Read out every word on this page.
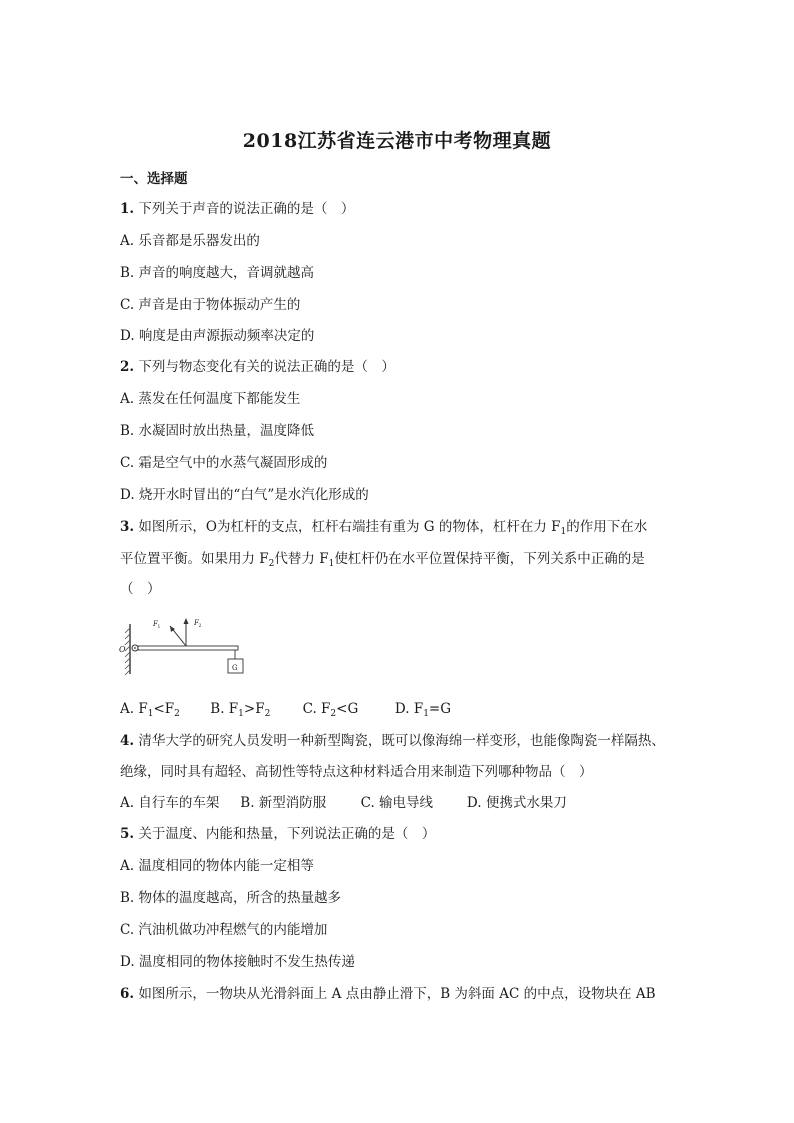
2018江苏省连云港市中考物理真题
一、选择题
1. 下列关于声音的说法正确的是（　）
A. 乐音都是乐器发出的
B. 声音的响度越大，音调就越高
C. 声音是由于物体振动产生的
D. 响度是由声源振动频率决定的
2. 下列与物态变化有关的说法正确的是（　）
A. 蒸发在任何温度下都能发生
B. 水凝固时放出热量，温度降低
C. 霜是空气中的水蒸气凝固形成的
D. 烧开水时冒出的“白气”是水汽化形成的
3. 如图所示，O为杠杆的支点，杠杆右端挂有重为 G 的物体，杠杆在力 $F_1$的作用下在水
平位置平衡。如果用力 $F_2$代替力 $F_1$使杠杆仍在水平位置保持平衡，下列关系中正确的是
（　）
O
F 1
F 2
G
A. $F_1<F_2$ B. $F_1>F_2$ C. $F_2<G$	D. $F_1=G$
4. 清华大学的研究人员发明一种新型陶瓷，既可以像海绵一样变形，也能像陶瓷一样隔热、
绝缘，同时具有超轻、高韧性等特点这种材料适合用来制造下列哪种物品（　）
A. 自行车的车架 B. 新型消防服	C. 输电导线	D. 便携式水果刀
5. 关于温度、内能和热量，下列说法正确的是（　）
A. 温度相同的物体内能一定相等
B. 物体的温度越高，所含的热量越多
C. 汽油机做功冲程燃气的内能增加
D. 温度相同的物体接触时不发生热传递
6. 如图所示，一物块从光滑斜面上 A 点由静止滑下，B 为斜面 AC 的中点，设物块在 AB
